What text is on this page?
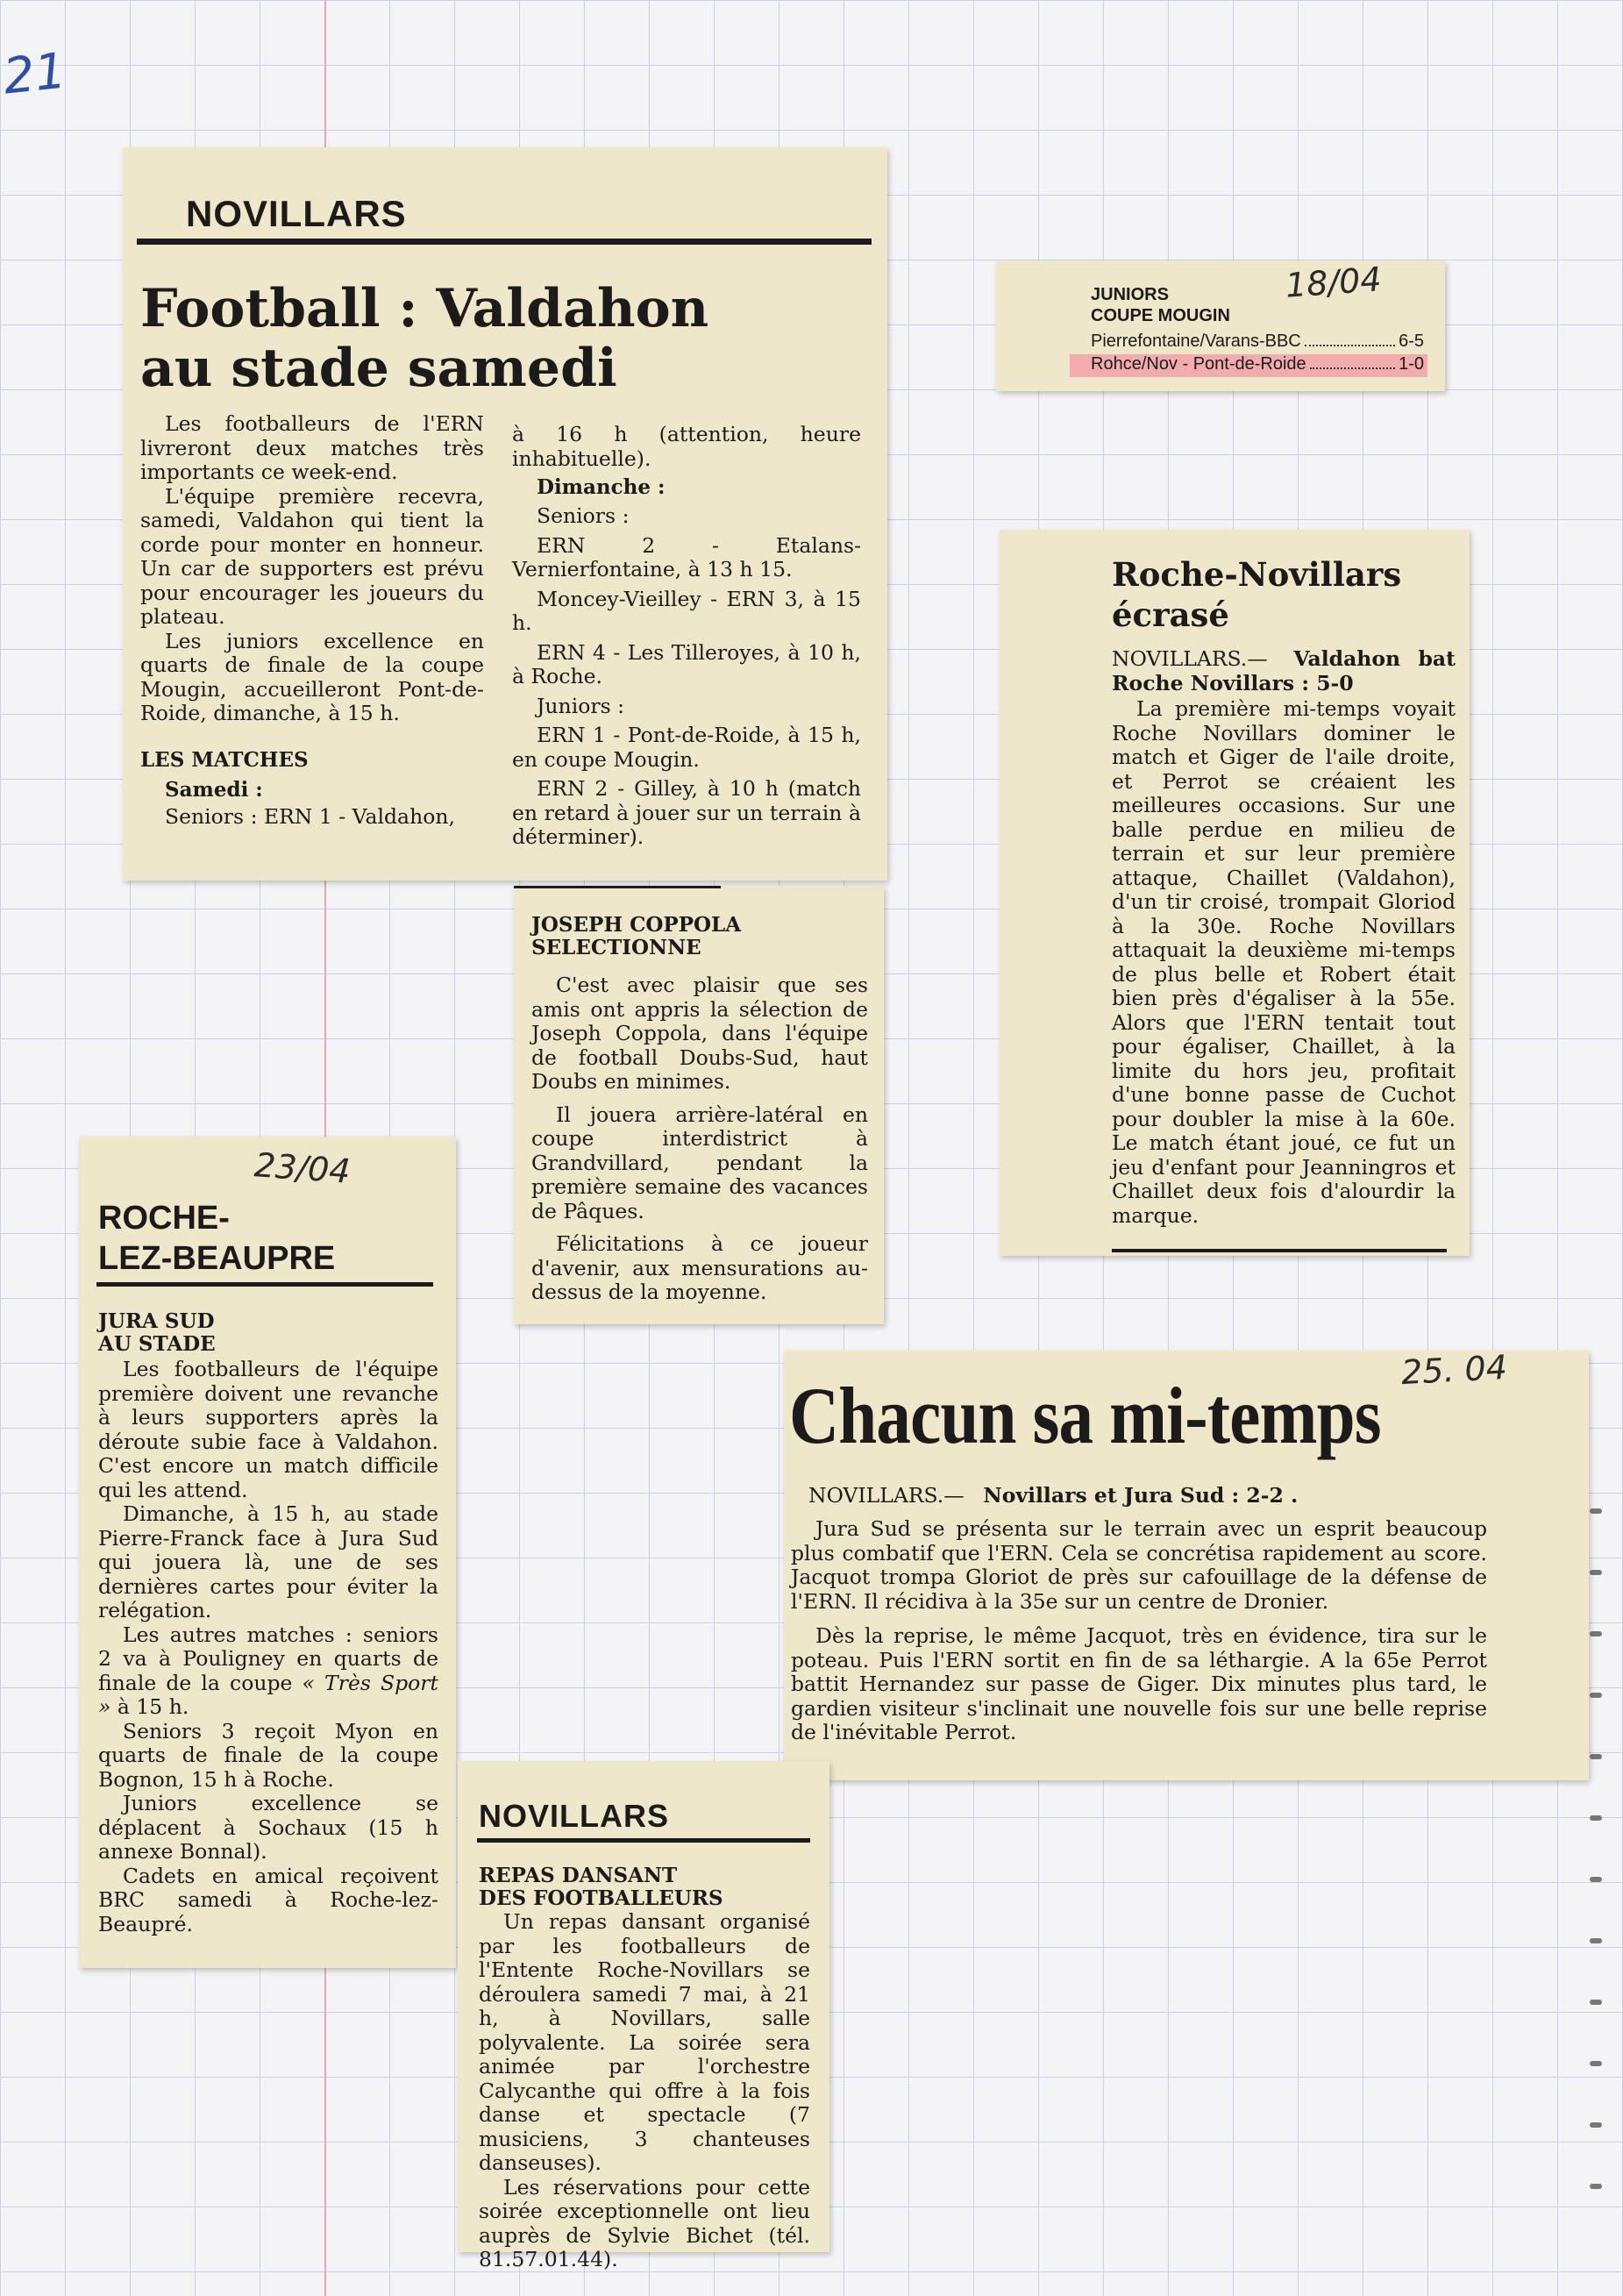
21
NOVILLARS
Football : Valdahon
au stade samedi

Les footballeurs de l'ERN livreront deux matches très importants ce week-end.

L'équipe première recevra, samedi, Valdahon qui tient la corde pour monter en honneur. Un car de supporters est prévu pour encourager les joueurs du plateau.

Les juniors excellence en quarts de finale de la coupe Mougin, accueilleront Pont-de-Roide, dimanche, à 15 h.

LES MATCHES

Samedi :

Seniors : ERN 1 - Valdahon,

à 16 h (attention, heure inhabituelle).

Dimanche :

Seniors :

ERN 2 - Etalans-Vernierfontaine, à 13 h 15.

Moncey-Vieilley - ERN 3, à 15 h.

ERN 4 - Les Tilleroyes, à 10 h, à Roche.

Juniors :

ERN 1 - Pont-de-Roide, à 15 h, en coupe Mougin.

ERN 2 - Gilley, à 10 h (match en retard à jouer sur un terrain à déterminer).

JOSEPH COPPOLA
SELECTIONNE

C'est avec plaisir que ses amis ont appris la sélection de Joseph Coppola, dans l'équipe de football Doubs-Sud, haut Doubs en minimes.

Il jouera arrière-latéral en coupe interdistrict à Grandvillard, pendant la première semaine des vacances de Pâques.

Félicitations à ce joueur d'avenir, aux mensurations au-dessus de la moyenne.

JUNIORS
COUPE MOUGIN
18/04
Pierrefontaine/Varans-BBC	6-5
Rohce/Nov - Pont-de-Roide	1-0
Roche-Novillars
écrasé

NOVILLARS.— Valdahon bat Roche Novillars : 5-0

La première mi-temps voyait Roche Novillars dominer le match et Giger de l'aile droite, et Perrot se créaient les meilleures occasions. Sur une balle perdue en milieu de terrain et sur leur première attaque, Chaillet (Valdahon), d'un tir croisé, trompait Gloriod à la 30e. Roche Novillars attaquait la deuxième mi-temps de plus belle et Robert était bien près d'égaliser à la 55e. Alors que l'ERN tentait tout pour égaliser, Chaillet, à la limite du hors jeu, profitait d'une bonne passe de Cuchot pour doubler la mise à la 60e. Le match étant joué, ce fut un jeu d'enfant pour Jeanningros et Chaillet deux fois d'alourdir la marque.

23/04
ROCHE-
LEZ-BEAUPRE
JURA SUD
AU STADE

Les footballeurs de l'équipe première doivent une revanche à leurs supporters après la déroute subie face à Valdahon. C'est encore un match difficile qui les attend.

Dimanche, à 15 h, au stade Pierre-Franck face à Jura Sud qui jouera là, une de ses dernières cartes pour éviter la relégation.

Les autres matches : seniors 2 va à Pouligney en quarts de finale de la coupe « Très Sport » à 15 h.

Seniors 3 reçoit Myon en quarts de finale de la coupe Bognon, 15 h à Roche.

Juniors excellence se déplacent à Sochaux (15 h annexe Bonnal).

Cadets en amical reçoivent BRC samedi à Roche-lez-Beaupré.

25. 04
Chacun sa mi-temps

NOVILLARS.— Novillars et Jura Sud : 2-2 .

Jura Sud se présenta sur le terrain avec un esprit beaucoup plus combatif que l'ERN. Cela se concrétisa rapidement au score. Jacquot trompa Gloriot de près sur cafouillage de la défense de l'ERN. Il récidiva à la 35e sur un centre de Dronier.

Dès la reprise, le même Jacquot, très en évidence, tira sur le poteau. Puis l'ERN sortit en fin de sa léthargie. A la 65e Perrot battit Hernandez sur passe de Giger. Dix minutes plus tard, le gardien visiteur s'inclinait une nouvelle fois sur une belle reprise de l'inévitable Perrot.

NOVILLARS
REPAS DANSANT
DES FOOTBALLEURS

Un repas dansant organisé par les footballeurs de l'Entente Roche-Novillars se déroulera samedi 7 mai, à 21 h, à Novillars, salle polyvalente. La soirée sera animée par l'orchestre Calycanthe qui offre à la fois danse et spectacle (7 musiciens, 3 chanteuses danseuses).

Les réservations pour cette soirée exceptionnelle ont lieu auprès de Sylvie Bichet (tél. 81.57.01.44).
